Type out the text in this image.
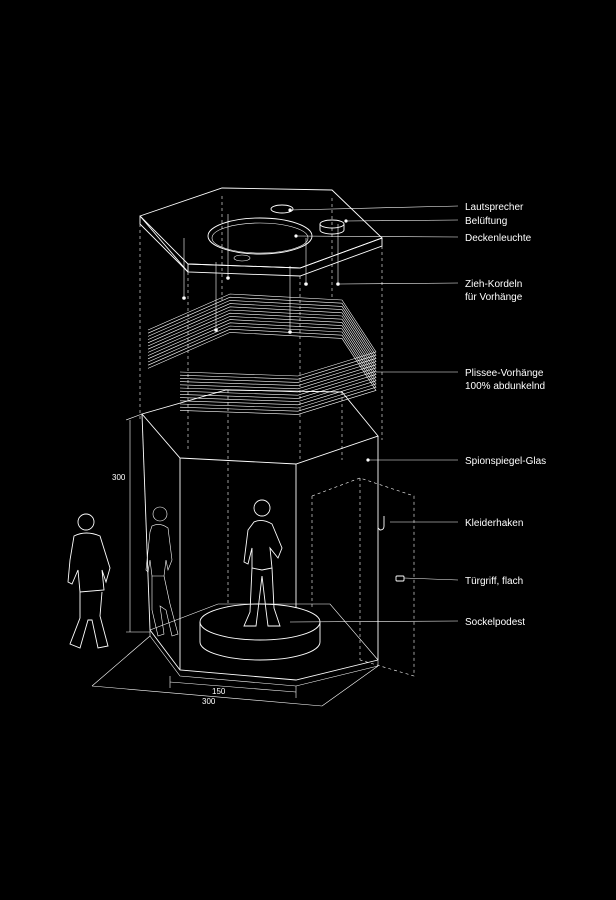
300
150
300
Lautsprecher
Belüftung
Deckenleuchte
Zieh-Kordeln
für Vorhänge
Plissee-Vorhänge
100% abdunkelnd
Spionspiegel-Glas
Kleiderhaken
Türgriff, flach
Sockelpodest
